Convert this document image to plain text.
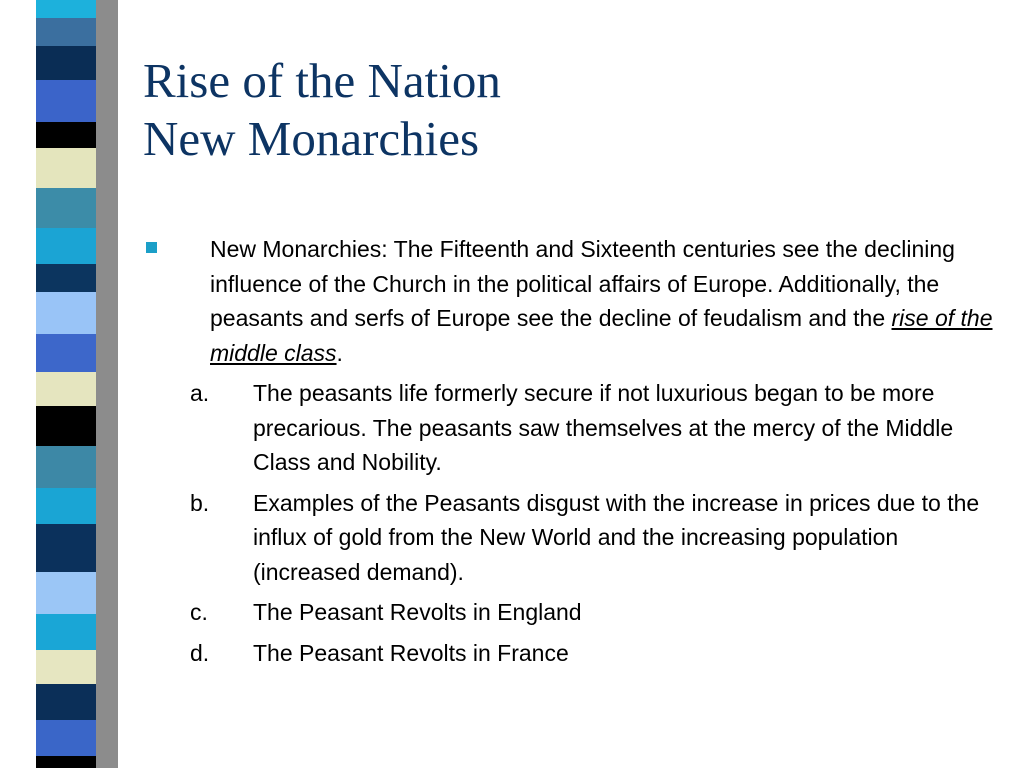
Rise of the Nation
New Monarchies
New Monarchies: The Fifteenth and Sixteenth centuries see the declining influence of the Church in the political affairs of Europe. Additionally, the peasants and serfs of Europe see the decline of feudalism and the rise of the middle class.
a. The peasants life formerly secure if not luxurious began to be more precarious. The peasants saw themselves at the mercy of the Middle Class and Nobility.
b. Examples of the Peasants disgust with the increase in prices due to the influx of gold from the New World and the increasing population (increased demand).
c. The Peasant Revolts in England
d. The Peasant Revolts in France
